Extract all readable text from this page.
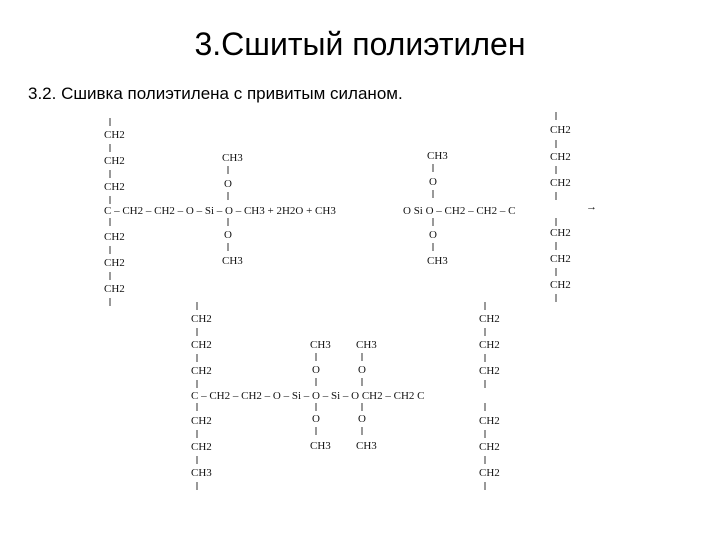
3.Сшитый полиэтилен
3.2. Сшивка полиэтилена с привитым силаном.
CH2
CH2
CH2
CH2
CH2
CH2
C – CH2 – CH2 – O – Si – O – CH3 + 2H2O + CH3
CH3
O
O
CH3
O Si O – CH2 – CH2 – C
CH3
O
O
CH3
CH2
CH2
CH2
CH2
CH2
CH2
→
CH2
CH2
CH2
CH2
CH2
CH3
C – CH2 – CH2 – O – Si – O – Si – O CH2 – CH2 C
CH3
O
O
CH3
CH3
O
O
CH3
CH2
CH2
CH2
CH2
CH2
CH2
